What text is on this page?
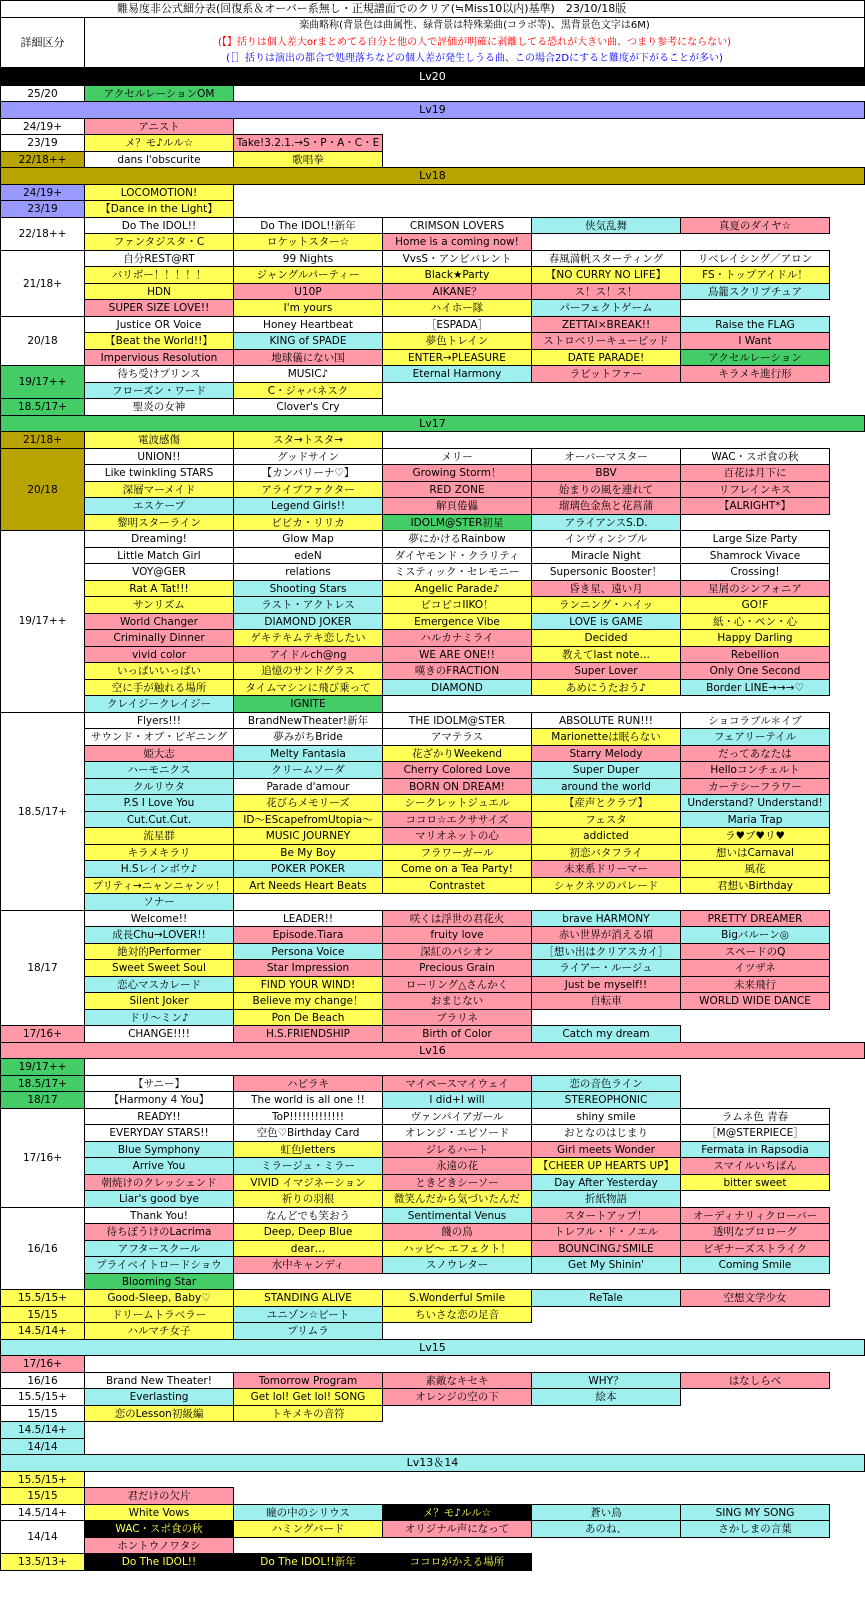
難易度非公式細分表(回復系＆オーバー系無し・正規譜面でのクリア(≒Miss10以内)基準)　23/10/18版
詳細区分
楽曲略称(背景色は曲属性、緑背景は特殊楽曲(コラボ等)、黒背景色文字は6M)
(【】括りは個人差大orまとめてる自分と他の人で評価が明確に剥離してる恐れが大きい曲、つまり参考にならない)
(［］括りは演出の都合で処理落ちなどの個人差が発生しうる曲、この場合2Dにすると難度が下がることが多い)
Lv20
25/20	アクセルレーションOM
Lv19
24/19+	アニスト
23/19	メ？モ♪ルル☆	Take!3.2.1.→S・P・A・C・E
22/18++	dans l'obscurite	歌唱拳
Lv18
24/19+	LOCOMOTION!
23/19	【Dance in the Light】
22/18++
Do The IDOL!!	Do The IDOL!!新年	CRIMSON LOVERS	侠気乱舞	真夏のダイヤ☆
ファンタジスタ・C	ロケットスター☆	Home is a coming now!
21/18+
自分REST@RT	99 Nights	VvsS・アンビバレント	春風満帆スターティング	リベレイシング／アロン
バリボー！！！！！	ジャングルパーティー	Black★Party	【NO CURRY NO LIFE】	FS・トップアイドル！
HDN	U10P	AIKANE？	ス！ス！ス！	鳥籠スクリプチュア
SUPER SIZE LOVE!!	I'm yours	ハイホー隊	パーフェクトゲーム
20/18
Justice OR Voice	Honey Heartbeat	［ESPADA］	ZETTAI×BREAK!!	Raise the FLAG
【Beat the World!!】	KING of SPADE	夢色トレイン	ストロベリーキューピッド	I Want
Impervious Resolution	地球儀にない国	ENTER→PLEASURE	DATE PARADE!	アクセルレーション
19/17++
待ち受けプリンス	MUSIC♪	Eternal Harmony	ラビットファー	キラメキ進行形
フローズン・ワード	C・ジャバネスク
18.5/17+	聖炎の女神	Clover's Cry
Lv17
21/18+	電波感傷	スタ→トスタ→
20/18
UNION!!	グッドサイン	メリー	オーバーマスター	WAC・スポ食の秋
Like twinkling STARS	【カンパリーナ♡】	Growing Storm！	BBV	百花は月下に
深層マーメイド	アライブファクター	RED ZONE	始まりの風を連れて	リフレインキス
エスケープ	Legend Girls!!	解頁倦儡	瑠璃色金魚と花菖蒲	【ALRIGHT*】
黎明スターライン	ビビカ・リリカ	IDOLM@STER初星	アライアンスS.D.
19/17++
Dreaming!	Glow Map	夢にかけるRainbow	インヴィンシブル	Large Size Party
Little Match Girl	edeN	ダイヤモンド・クラリティ	Miracle Night	Shamrock Vivace
VOY@GER	relations	ミスティック・セレモニー	Supersonic Booster！	Crossing!
Rat A Tat!!!	Shooting Stars	Angelic Parade♪	昏き星、遠い月	星屑のシンフォニア
サンリズム	ラスト・アクトレス	ピコピコIIKO！	ランニング・ハイッ	GO!F
World Changer	DIAMOND JOKER	Emergence Vibe	LOVE is GAME	紙・心・ペン・心
Criminally Dinner	ゲキテキムテキ恋したい	ハルカナミライ	Decided	Happy Darling
vivid color	アイドルch@ng	WE ARE ONE!!	教えてlast note…	Rebellion
いっぱいいっぱい	追憶のサンドグラス	嘆きのFRACTION	Super Lover	Only One Second
空に手が触れる場所	タイムマシンに飛び乗って	DIAMOND	あめにうたおう♪	Border LINE→→→♡
クレイジークレイジー	IGNITE
18.5/17+
Flyers!!!	BrandNewTheater!新年	THE IDOLM@STER	ABSOLUTE RUN!!!	ショコラブル＊イブ
サウンド・オブ・ビギニング	夢みがちBride	アマテラス	Marionetteは眠らない	フェアリーテイル
姫大志	Melty Fantasia	花ざかりWeekend	Starry Melody	だってあなたは
ハーモニクス	クリームソーダ	Cherry Colored Love	Super Duper	Helloコンチェルト
クルリウタ	Parade d'amour	BORN ON DREAM!	around the world	カーテシーフラワー
P.S I Love You	花びらメモリーズ	シークレットジュエル	【産声とクラブ】	Understand? Understand!
Cut.Cut.Cut.	ID〜EScapefromUtopia〜	ココロ☆エクササイズ	フェスタ	Maria Trap
流星群	MUSIC JOURNEY	マリオネットの心	addicted	ラ♥ブ♥リ♥
キラメキラリ	Be My Boy	フラワーガール	初恋バタフライ	想いはCarnaval
H.Sレインボウ♪	POKER POKER	Come on a Tea Party!	未来系ドリーマー	風花
プリティ→ニャンニャンッ！	Art Needs Heart Beats	Contrastet	シャクネツのパレード	君想いBirthday
ソナー
18/17
Welcome!!	LEADER!!	咲くは浮世の君花火	brave HARMONY	PRETTY DREAMER
成長Chu→LOVER!!	Episode.Tiara	fruity love	赤い世界が消える頃	Bigバルーン◎
絶対的Performer	Persona Voice	深紅のパシオン	［想い出はクリアスカイ］	スペードのQ
Sweet Sweet Soul	Star Impression	Precious Grain	ライアー・ルージュ	イツザネ
恋心マスカレード	FIND YOUR WIND!	ローリング△さんかく	Just be myself!!	未来飛行
Silent Joker	Believe my change！	おまじない	自転車	WORLD WIDE DANCE
ドリ〜ミン♪	Pon De Beach	ブラリネ
17/16+	CHANGE!!!!	H.S.FRIENDSHIP	Birth of Color	Catch my dream
Lv16
19/17++
18.5/17+	【サニー】	ハピラキ	マイペースマイウェイ	恋の音色ライン
18/17	【Harmony 4 You】	The world is all one !!	I did+I will	STEREOPHONIC
17/16+
READY!!	ToP!!!!!!!!!!!!!	ヴァンパイアガール	shiny smile	ラムネ色 青春
EVERYDAY STARS!!	空色♡Birthday Card	オレンジ・エピソード	おとなのはじまり	［M@STERPIECE］
Blue Symphony	虹色letters	ジレるハート	Girl meets Wonder	Fermata in Rapsodia
Arrive You	ミラージュ・ミラー	永遠の花	【CHEER UP HEARTS UP】	スマイルいちばん
朝焼けのクレッシェンド	VIVID イマジネーション	ときどきシーソー	Day After Yesterday	bitter sweet
Liar's good bye	祈りの羽根	微笑んだから気づいたんだ	折紙物語
16/16
Thank You!	なんどでも笑おう	Sentimental Venus	スタートアップ！	オーディナリィクローバー
待ちぼうけのLacrima	Deep, Deep Blue	餞の鳥	トレフル・ド・ノエル	透明なプロローグ
アフタースクール	dear…	ハッピ〜 エフェクト！	BOUNCING♪SMILE	ビギナーズストライク
プライベイトロードショウ	水中キャンディ	スノウレター	Get My Shinin'	Coming Smile
Blooming Star
15.5/15+	Good-Sleep, Baby♡	STANDING ALIVE	S.Wonderful Smile	ReTale	空想文学少女
15/15	ドリームトラベラー	ユニゾン☆ビート	ちいさな恋の足音
14.5/14+	ハルマチ女子	プリムラ
Lv15
17/16+
16/16	Brand New Theater!	Tomorrow Program	素敵なキセキ	WHY？	はなしらべ
15.5/15+	Everlasting	Get lol! Get lol! SONG	オレンジの空の下	絵本
15/15	恋のLesson初級編	トキメキの音符
14.5/14+
14/14
Lv13＆14
15.5/15+
15/15	君だけの欠片
14.5/14+	White Vows	瞳の中のシリウス	メ？モ♪ルル☆	蒼い鳥	SING MY SONG
14/14
WAC・スポ食の秋	ハミングバード	オリジナル声になって	あのね、	さかしまの言葉
ホントウノワタシ
13.5/13+	Do The IDOL!!	Do The IDOL!!新年	ココロがかえる場所
